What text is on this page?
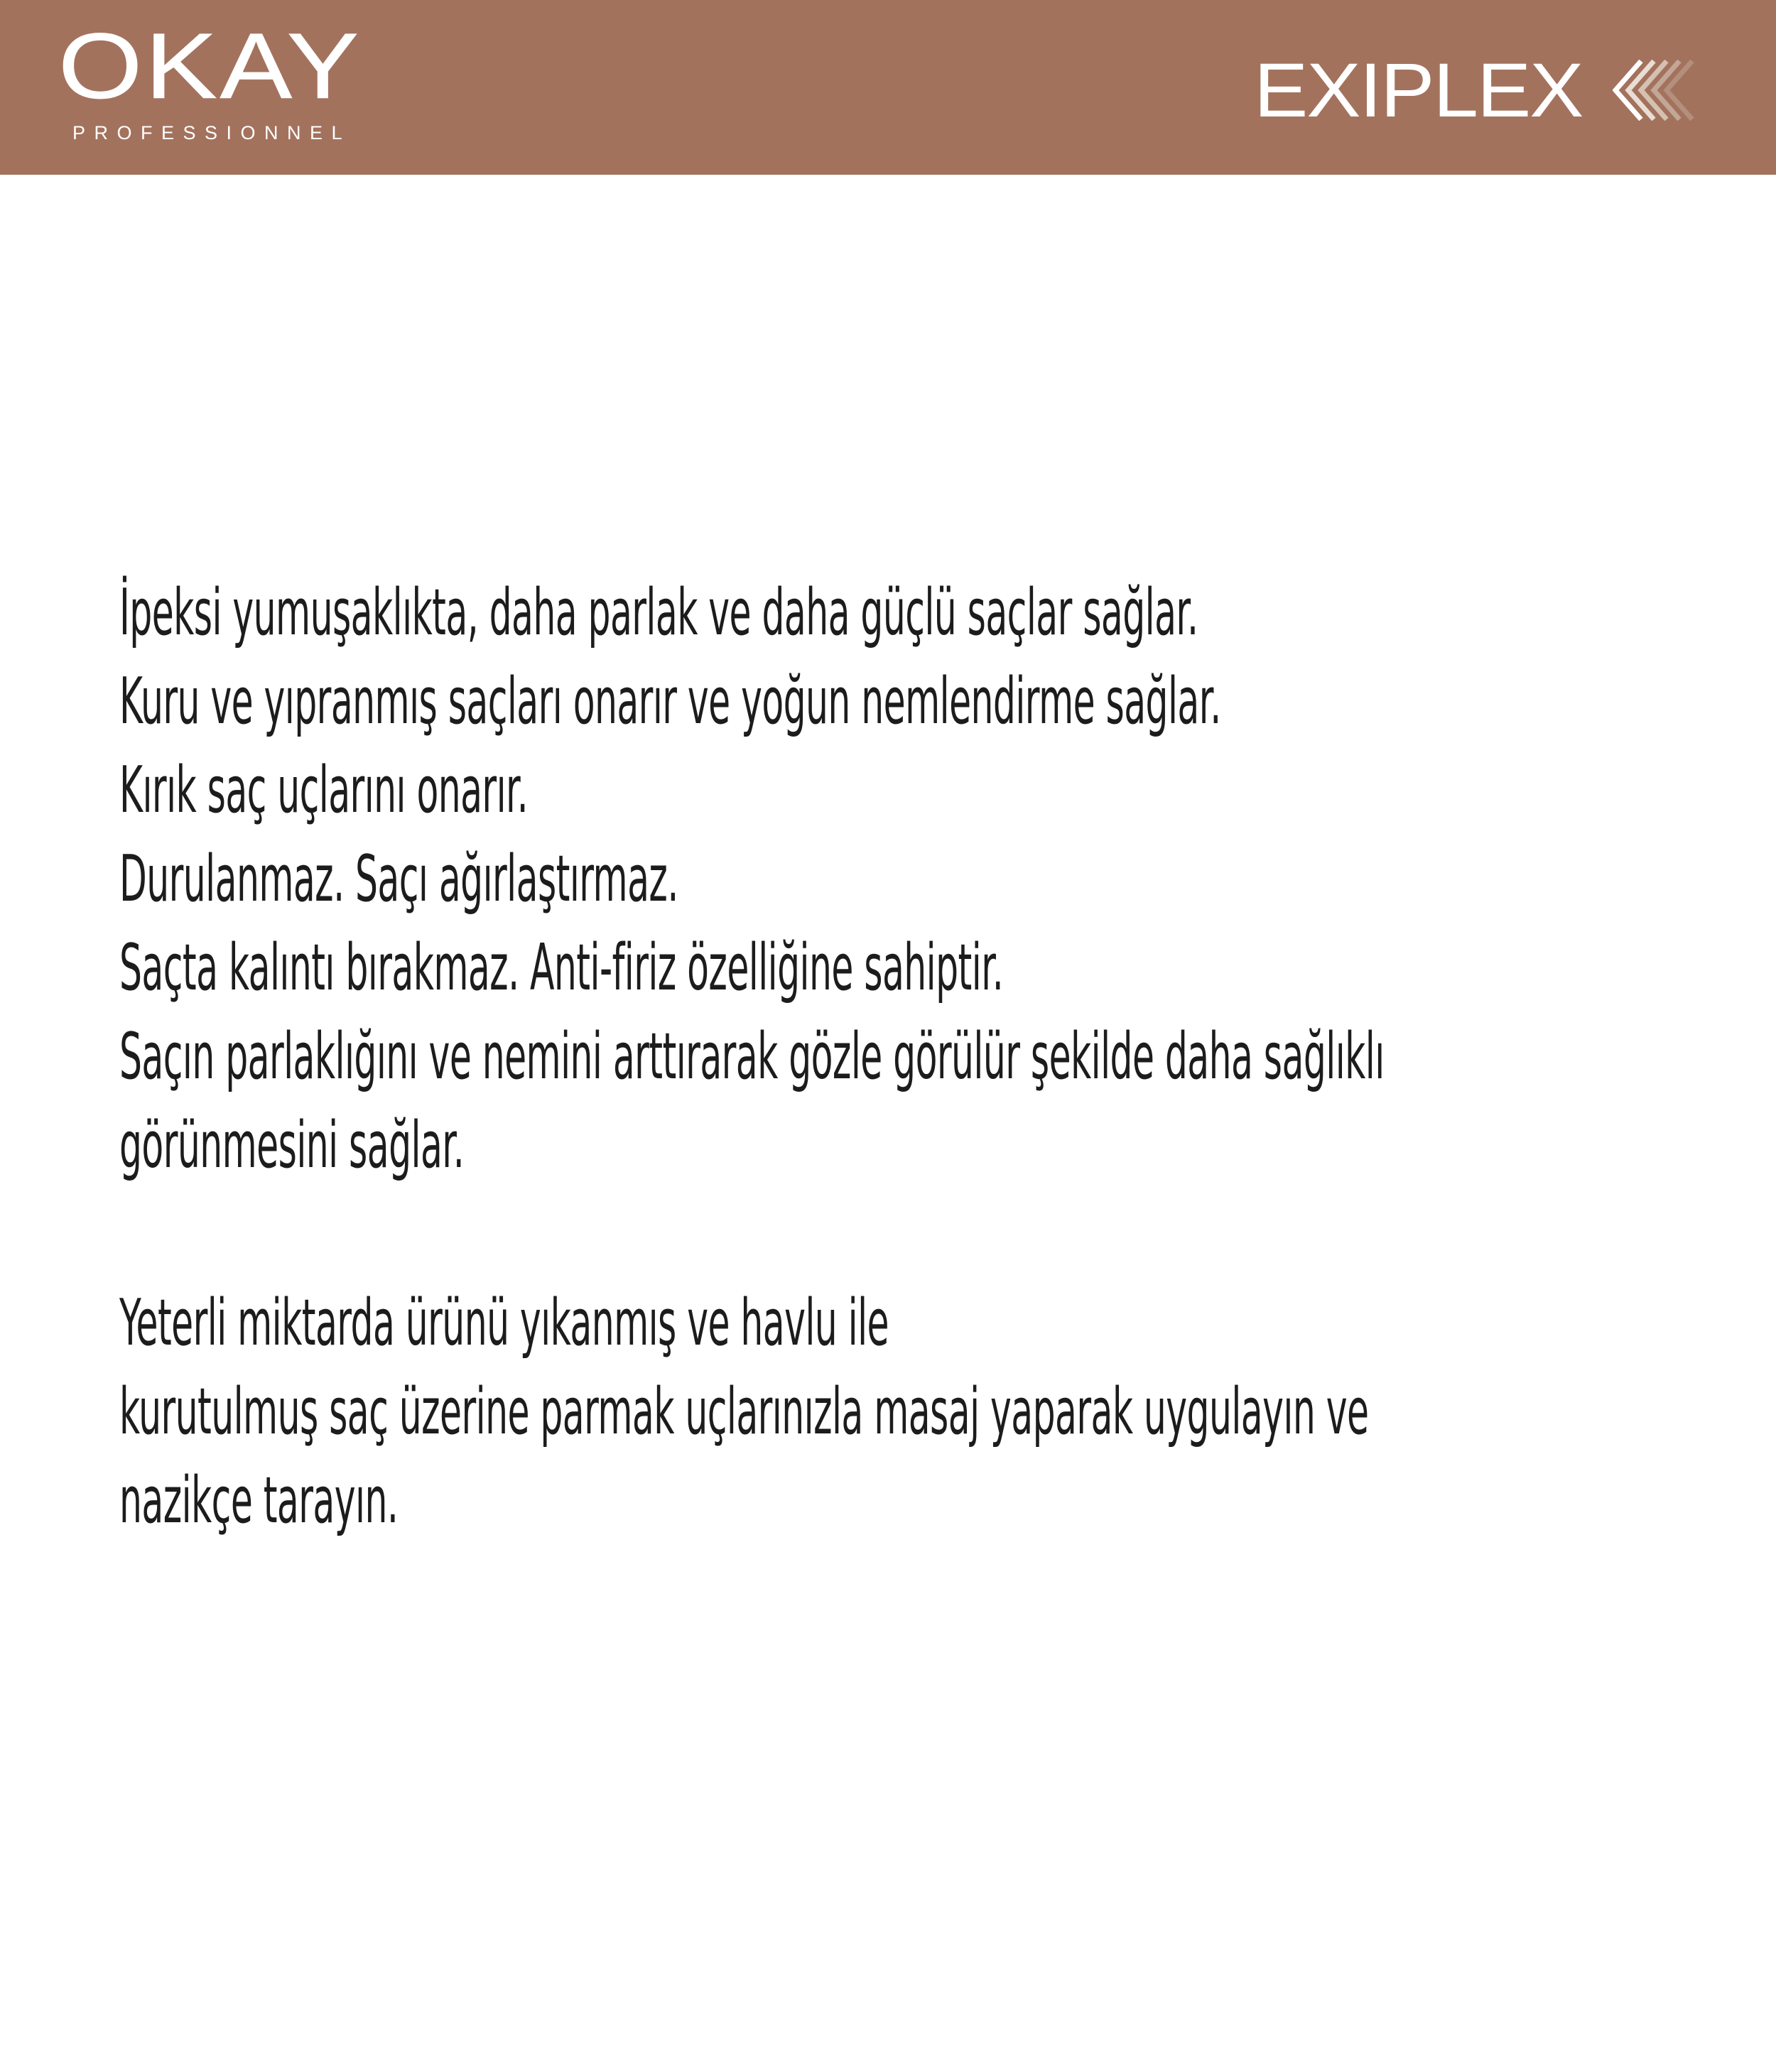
OKAY
PROFESSIONNEL	EXIPLEX
İpeksi yumuşaklıkta, daha parlak ve daha güçlü saçlar sağlar.
Kuru ve yıpranmış saçları onarır ve yoğun nemlendirme sağlar.
Kırık saç uçlarını onarır.
Durulanmaz. Saçı ağırlaştırmaz.
Saçta kalıntı bırakmaz. Anti-firiz özelliğine sahiptir.
Saçın parlaklığını ve nemini arttırarak gözle görülür şekilde daha sağlıklı
görünmesini sağlar.
Yeterli miktarda ürünü yıkanmış ve havlu ile
kurutulmuş saç üzerine parmak uçlarınızla masaj yaparak uygulayın ve
nazikçe tarayın.
